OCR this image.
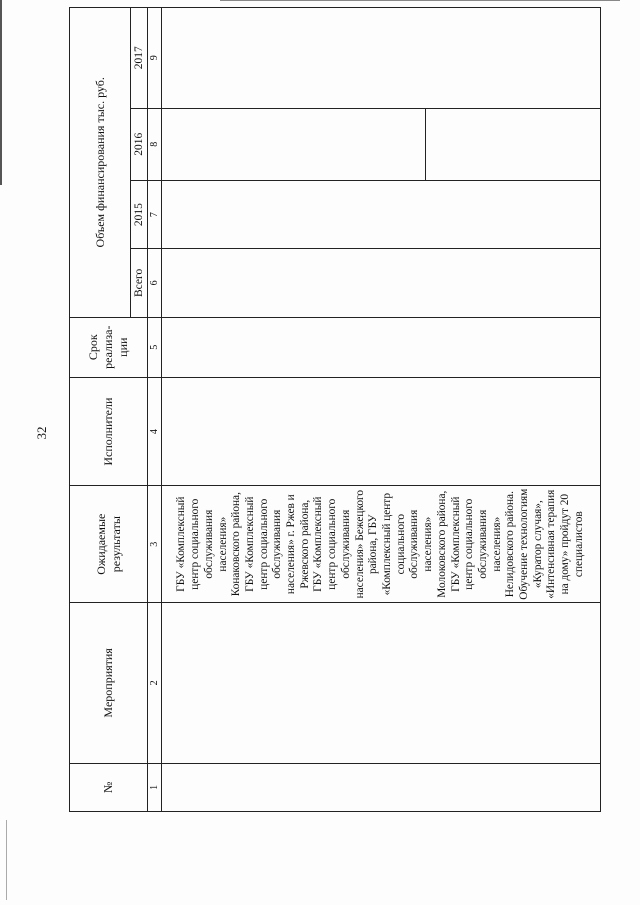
32
№	Мероприятия	Ожидаемые результаты	Исполнители	Срок реализа-ции	Объем финансирования тыс. руб.			
					Всего	2015	2016	2017
1	2	3	4	5	6	7	8	9
		ГБУ «Комплексный центр социального обслуживания населения» Конаковского района, ГБУ «Комплексный центр социального обслуживания населения» г. Ржев и Ржевского района, ГБУ «Комплексный центр социального обслуживания населения» Бежецкого района, ГБУ «Комплексный центр социального обслуживания населения» Молоковского района, ГБУ «Комплексный центр социального обслуживания населения» Нелидовского района. Обучение технологиям «Куратор случая», «Интенсивная терапия на дому» пройдут 20 специалистов					
